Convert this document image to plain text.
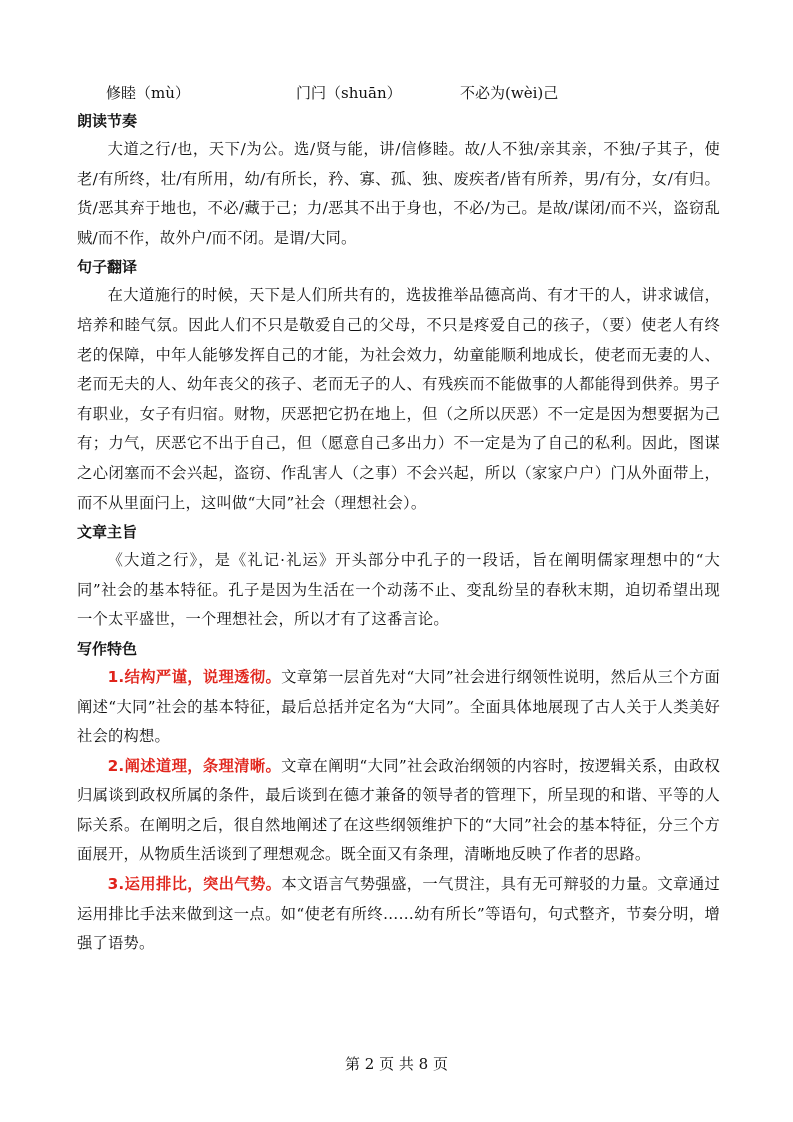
修睦（mù）	门闩（shuān）	不必为(wèi)己

朗读节奏

大道之行/也，天下/为公。选/贤与能，讲/信修睦。故/人不独/亲其亲，不独/子其子，使老/有所终，壮/有所用，幼/有所长，矜、寡、孤、独、废疾者/皆有所养，男/有分，女/有归。货/恶其弃于地也，不必/藏于己；力/恶其不出于身也，不必/为己。是故/谋闭/而不兴，盗窃乱贼/而不作，故外户/而不闭。是谓/大同。

句子翻译

在大道施行的时候，天下是人们所共有的，选拔推举品德高尚、有才干的人，讲求诚信，培养和睦气氛。因此人们不只是敬爱自己的父母，不只是疼爱自己的孩子，（要）使老人有终老的保障，中年人能够发挥自己的才能，为社会效力，幼童能顺利地成长，使老而无妻的人、老而无夫的人、幼年丧父的孩子、老而无子的人、有残疾而不能做事的人都能得到供养。男子有职业，女子有归宿。财物，厌恶把它扔在地上，但（之所以厌恶）不一定是因为想要据为己有；力气，厌恶它不出于自己，但（愿意自己多出力）不一定是为了自己的私利。因此，图谋之心闭塞而不会兴起，盗窃、作乱害人（之事）不会兴起，所以（家家户户）门从外面带上，而不从里面闩上，这叫做“大同”社会（理想社会）。

文章主旨

《大道之行》，是《礼记·礼运》开头部分中孔子的一段话，旨在阐明儒家理想中的“大同”社会的基本特征。孔子是因为生活在一个动荡不止、变乱纷呈的春秋末期，迫切希望出现一个太平盛世，一个理想社会，所以才有了这番言论。

写作特色

1.结构严谨，说理透彻。文章第一层首先对“大同”社会进行纲领性说明，然后从三个方面阐述“大同”社会的基本特征，最后总括并定名为“大同”。全面具体地展现了古人关于人类美好社会的构想。

2.阐述道理，条理清晰。文章在阐明“大同”社会政治纲领的内容时，按逻辑关系，由政权归属谈到政权所属的条件，最后谈到在德才兼备的领导者的管理下，所呈现的和谐、平等的人际关系。在阐明之后，很自然地阐述了在这些纲领维护下的“大同”社会的基本特征，分三个方面展开，从物质生活谈到了理想观念。既全面又有条理，清晰地反映了作者的思路。

3.运用排比，突出气势。本文语言气势强盛，一气贯注，具有无可辩驳的力量。文章通过运用排比手法来做到这一点。如“使老有所终……幼有所长”等语句，句式整齐，节奏分明，增强了语势。

第 2 页 共 8 页
